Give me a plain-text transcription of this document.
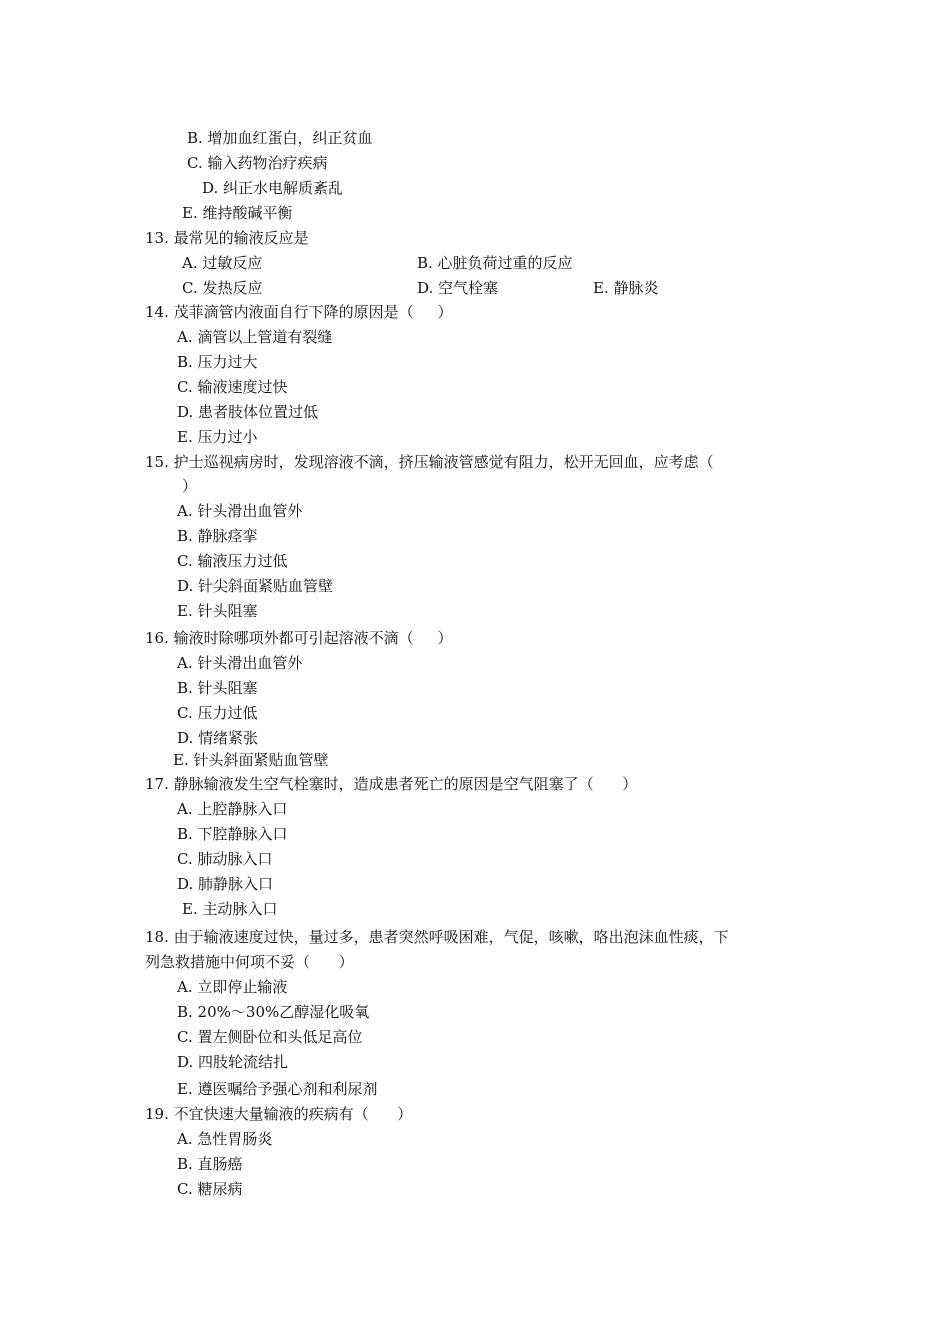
B. 增加血红蛋白，纠正贫血
C. 输入药物治疗疾病
D. 纠正水电解质紊乱
E. 维持酸碱平衡
13. 最常见的输液反应是
A. 过敏反应	B. 心脏负荷过重的反应
C. 发热反应	D. 空气栓塞	E. 静脉炎
14. 茂菲滴管内液面自行下降的原因是（     ）
A. 滴管以上管道有裂缝
B. 压力过大
C. 输液速度过快
D. 患者肢体位置过低
E. 压力过小
15. 护士巡视病房时，发现溶液不滴，挤压输液管感觉有阻力，松开无回血，应考虑（
）
A. 针头滑出血管外
B. 静脉痉挛
C. 输液压力过低
D. 针尖斜面紧贴血管壁
E. 针头阻塞
16. 输液时除哪项外都可引起溶液不滴（     ）
A. 针头滑出血管外
B. 针头阻塞
C. 压力过低
D. 情绪紧张
E. 针头斜面紧贴血管壁
17. 静脉输液发生空气栓塞时，造成患者死亡的原因是空气阻塞了（      ）
A. 上腔静脉入口
B. 下腔静脉入口
C. 肺动脉入口
D. 肺静脉入口
E. 主动脉入口
18. 由于输液速度过快，量过多，患者突然呼吸困难，气促，咳嗽，咯出泡沫血性痰，下
列急救措施中何项不妥（      ）
A. 立即停止输液
B. 20%～30%乙醇湿化吸氧
C. 置左侧卧位和头低足高位
D. 四肢轮流结扎
E. 遵医嘱给予强心剂和利尿剂
19. 不宜快速大量输液的疾病有（      ）
A. 急性胃肠炎
B. 直肠癌
C. 糖尿病
